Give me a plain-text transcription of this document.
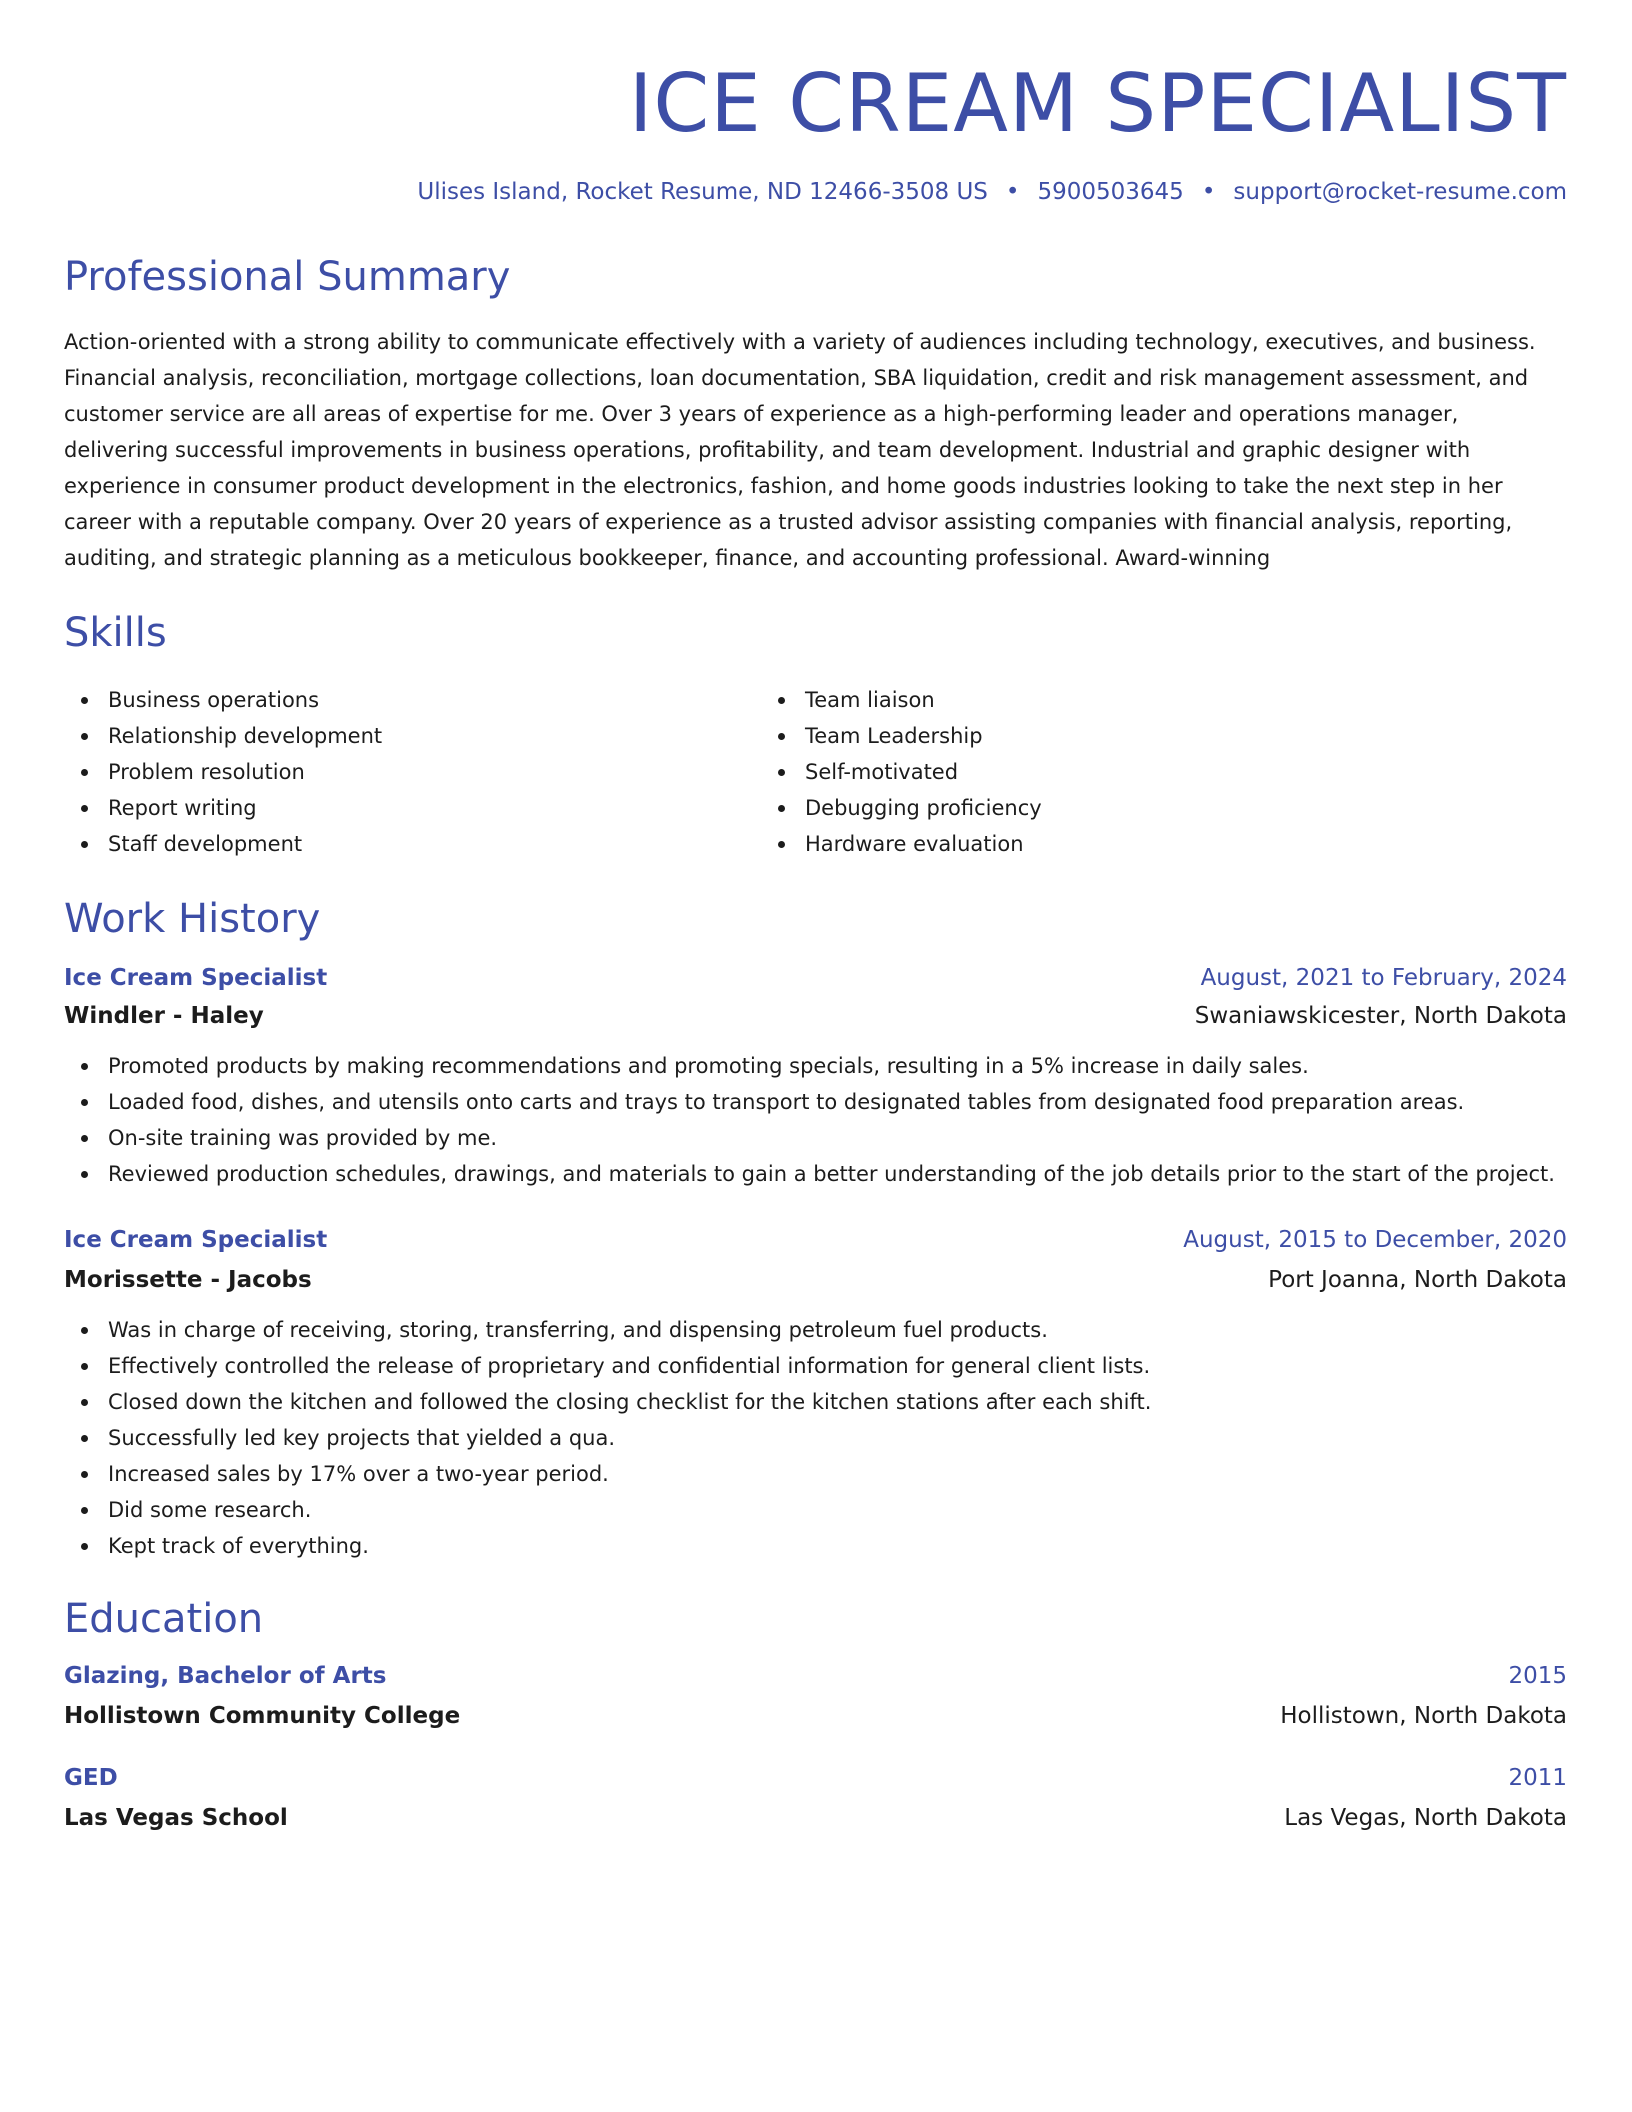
ICE CREAM SPECIALIST
Ulises Island, Rocket Resume, ND 12466-3508 US • 5900503645 • support@rocket-resume.com
Professional Summary

Action-oriented with a strong ability to communicate effectively with a variety of audiences including technology, executives, and business. Financial analysis, reconciliation, mortgage collections, loan documentation, SBA liquidation, credit and risk management assessment, and customer service are all areas of expertise for me. Over 3 years of experience as a high-performing leader and operations manager, delivering successful improvements in business operations, profitability, and team development. Industrial and graphic designer with experience in consumer product development in the electronics, fashion, and home goods industries looking to take the next step in her career with a reputable company. Over 20 years of experience as a trusted advisor assisting companies with financial analysis, reporting, auditing, and strategic planning as a meticulous bookkeeper, finance, and accounting professional. Award-winning

Skills
Business operations
Relationship development
Problem resolution
Report writing
Staff development
Team liaison
Team Leadership
Self-motivated
Debugging proficiency
Hardware evaluation
Work History
Ice Cream Specialist	August, 2021 to February, 2024
Windler - Haley	Swaniawskicester, North Dakota
Promoted products by making recommendations and promoting specials, resulting in a 5% increase in daily sales.
Loaded food, dishes, and utensils onto carts and trays to transport to designated tables from designated food preparation areas.
On-site training was provided by me.
Reviewed production schedules, drawings, and materials to gain a better understanding of the job details prior to the start of the project.
Ice Cream Specialist	August, 2015 to December, 2020
Morissette - Jacobs	Port Joanna, North Dakota
Was in charge of receiving, storing, transferring, and dispensing petroleum fuel products.
Effectively controlled the release of proprietary and confidential information for general client lists.
Closed down the kitchen and followed the closing checklist for the kitchen stations after each shift.
Successfully led key projects that yielded a qua.
Increased sales by 17% over a two-year period.
Did some research.
Kept track of everything.
Education
Glazing, Bachelor of Arts	2015
Hollistown Community College	Hollistown, North Dakota
GED	2011
Las Vegas School	Las Vegas, North Dakota
